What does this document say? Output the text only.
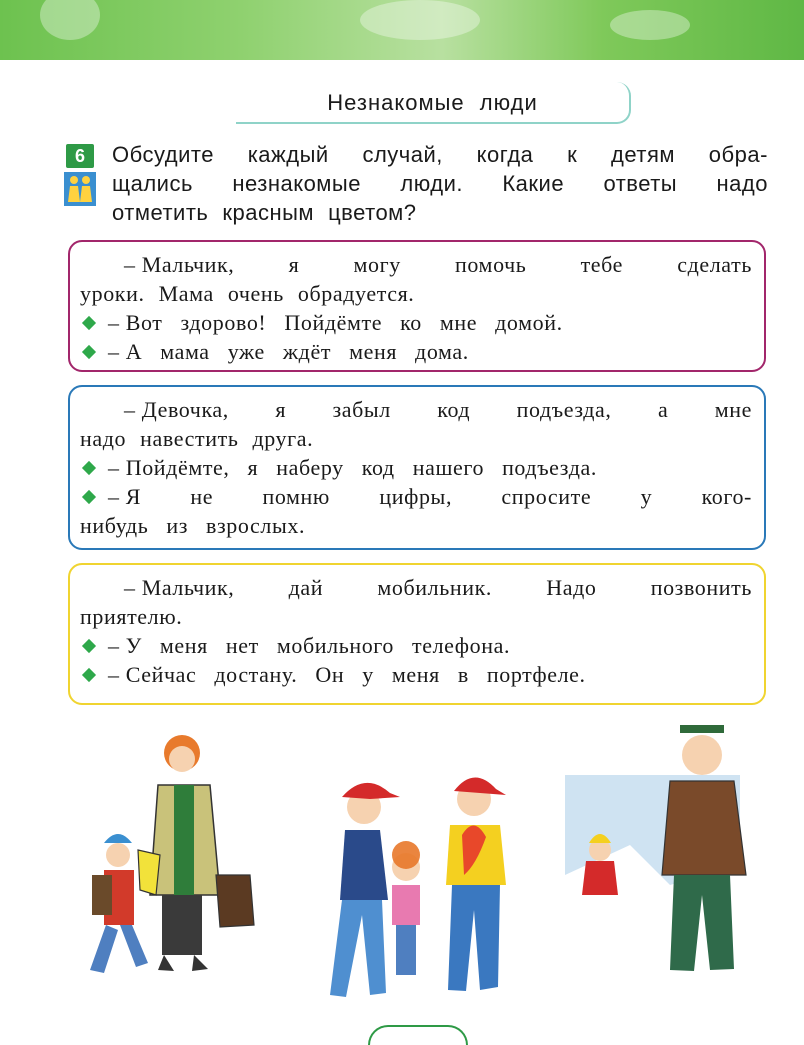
Незнакомые люди
6	Обсудите каждый случай, когда к детям обра-
щались незнакомые люди. Какие ответы надо
отметить красным цветом?
– Мальчик, я могу помочь тебе сделать
уроки. Мама очень обрадуется.
– Вот здорово! Пойдёмте ко мне домой.
– А мама уже ждёт меня дома.
– Девочка, я забыл код подъезда, а мне
надо навестить друга.
– Пойдёмте, я наберу код нашего подъезда.
– Я не помню цифры, спросите у кого-
нибудь из взрослых.
– Мальчик, дай мобильник. Надо позвонить
приятелю.
– У меня нет мобильного телефона.
– Сейчас достану. Он у меня в портфеле.
